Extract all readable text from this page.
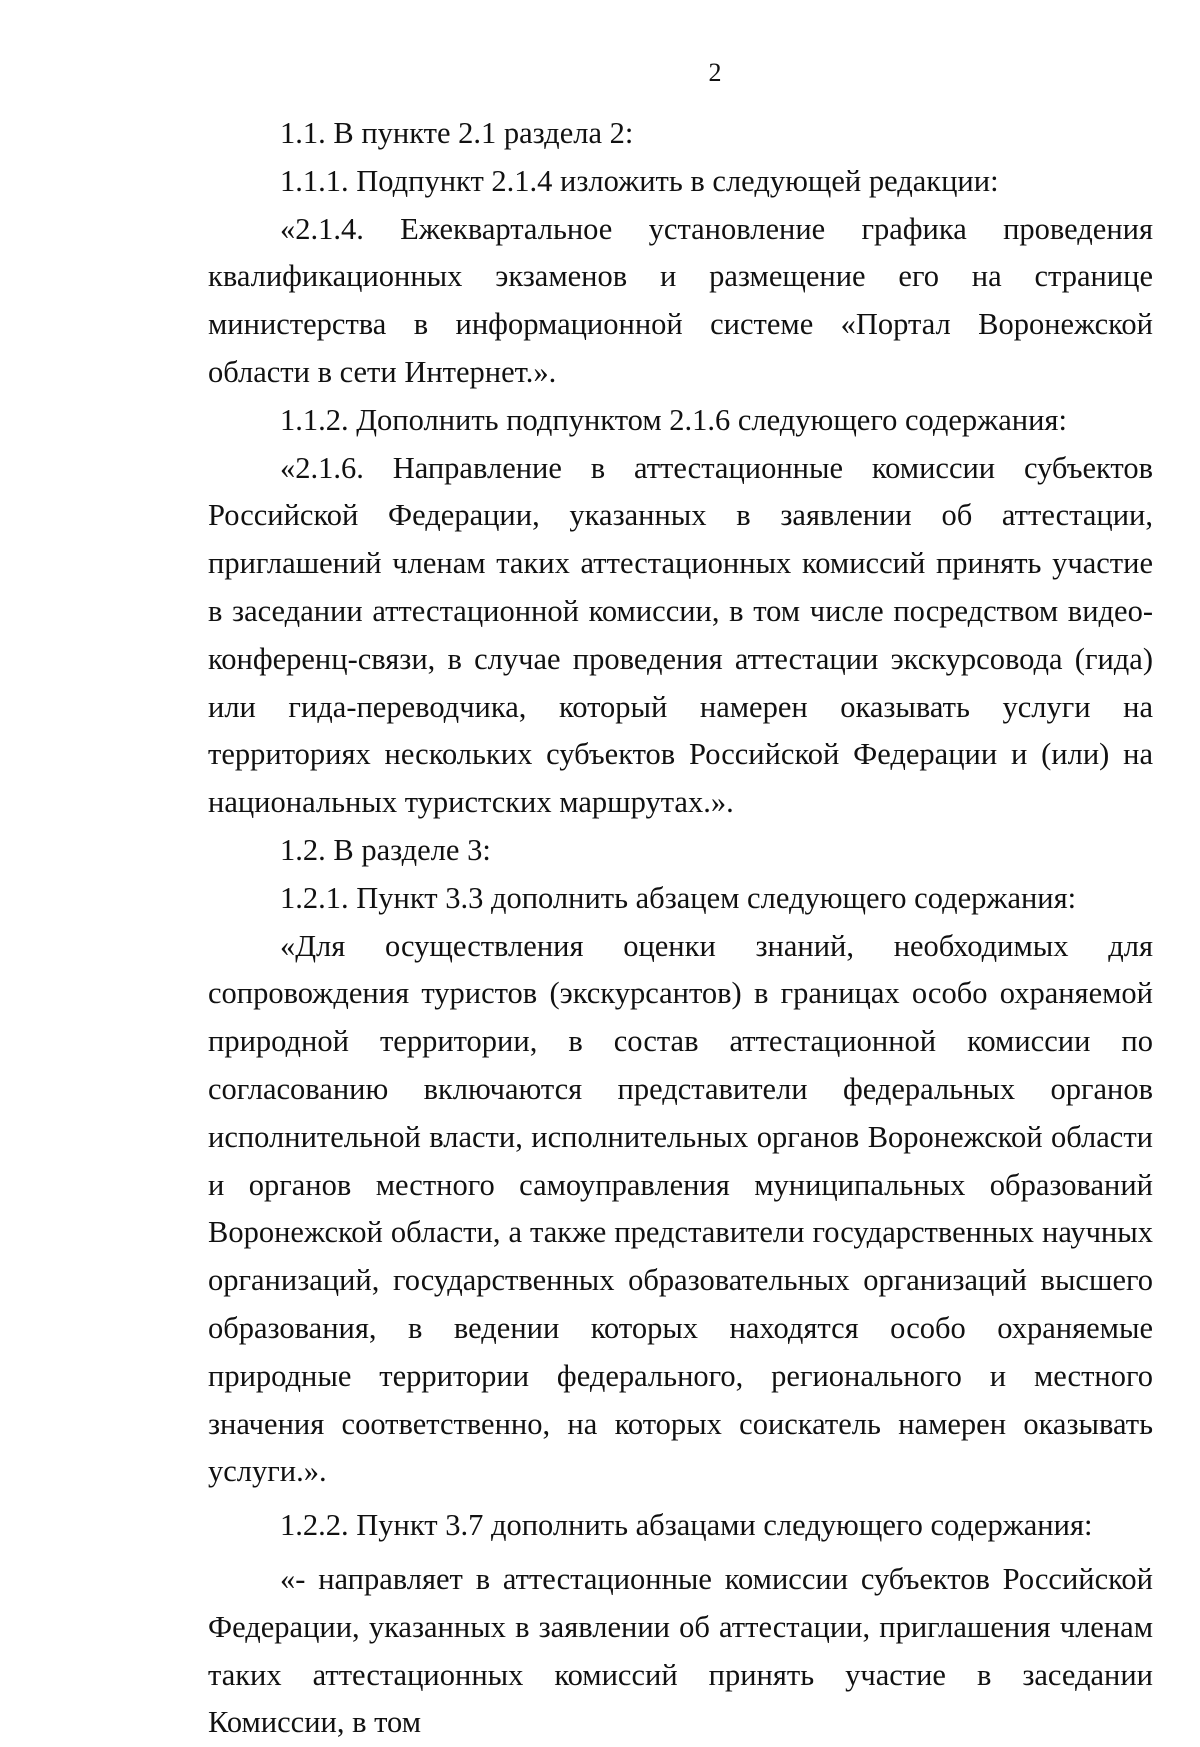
2

1.1. В пункте 2.1 раздела 2:

1.1.1. Подпункт 2.1.4 изложить в следующей редакции:

«2.1.4. Ежеквартальное установление графика проведения квалификационных экзаменов и размещение его на странице министерства в информационной системе «Портал Воронежской области в сети Интернет.».

1.1.2. Дополнить подпунктом 2.1.6 следующего содержания:

«2.1.6. Направление в аттестационные комиссии субъектов Российской Федерации, указанных в заявлении об аттестации, приглашений членам таких аттестационных комиссий принять участие в заседании аттестационной комиссии, в том числе посредством видео-конференц-связи, в случае проведения аттестации экскурсовода (гида) или гида-переводчика, который намерен оказывать услуги на территориях нескольких субъектов Российской Федерации и (или) на национальных туристских маршрутах.».

1.2. В разделе 3:

1.2.1. Пункт 3.3 дополнить абзацем следующего содержания:

«Для осуществления оценки знаний, необходимых для сопровождения туристов (экскурсантов) в границах особо охраняемой природной территории, в состав аттестационной комиссии по согласованию включаются представители федеральных органов исполнительной власти, исполнительных органов Воронежской области и органов местного самоуправления муниципальных образований Воронежской области, а также представители государственных научных организаций, государственных образовательных организаций высшего образования, в ведении которых находятся особо охраняемые природные территории федерального, регионального и местного значения соответственно, на которых соискатель намерен оказывать услуги.».

1.2.2. Пункт 3.7 дополнить абзацами следующего содержания:

«- направляет в аттестационные комиссии субъектов Российской Федерации, указанных в заявлении об аттестации, приглашения членам таких аттестационных комиссий принять участие в заседании Комиссии, в том
